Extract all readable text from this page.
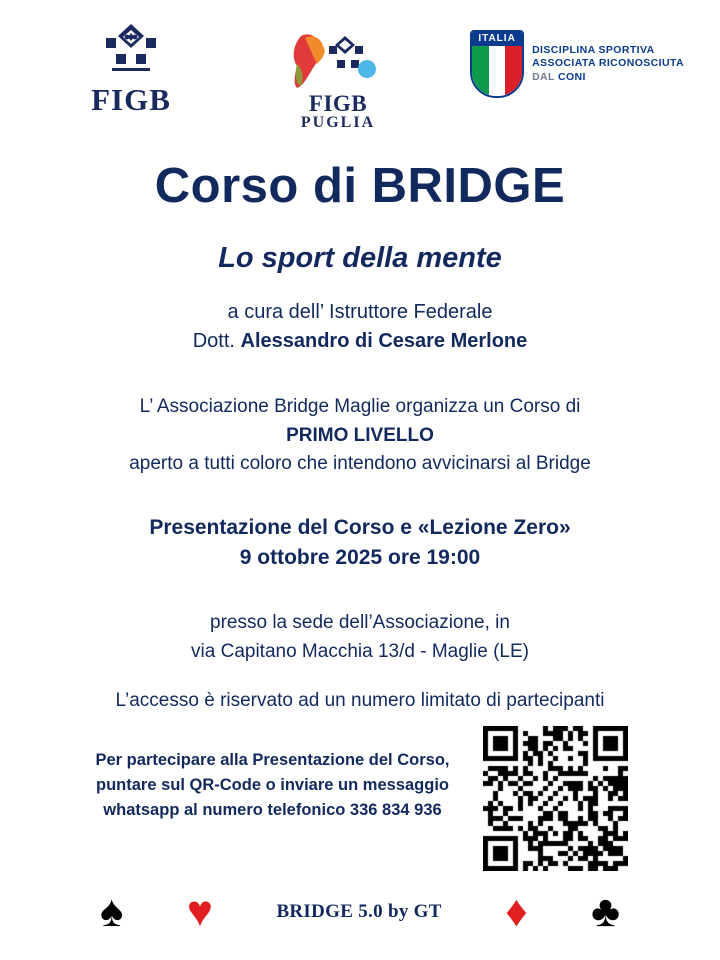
FIGB	FIGB
PUGLIA
ITALIA
DISCIPLINA SPORTIVA
ASSOCIATA RICONOSCIUTA
DAL CONI
Corso di BRIDGE
Lo sport della mente
a cura dell’ Istruttore Federale
Dott. Alessandro di Cesare Merlone
L’ Associazione Bridge Maglie organizza un Corso di
PRIMO LIVELLO
aperto a tutti coloro che intendono avvicinarsi al Bridge
Presentazione del Corso e «Lezione Zero»
9 ottobre 2025 ore 19:00
presso la sede dell’Associazione, in
via Capitano Macchia 13/d - Maglie (LE)
L’accesso è riservato ad un numero limitato di partecipanti
Per partecipare alla Presentazione del Corso, puntare sul QR-Code o inviare un messaggio whatsapp al numero telefonico 336 834 936
♠ ♥	BRIDGE 5.0 by GT ♦ ♣
